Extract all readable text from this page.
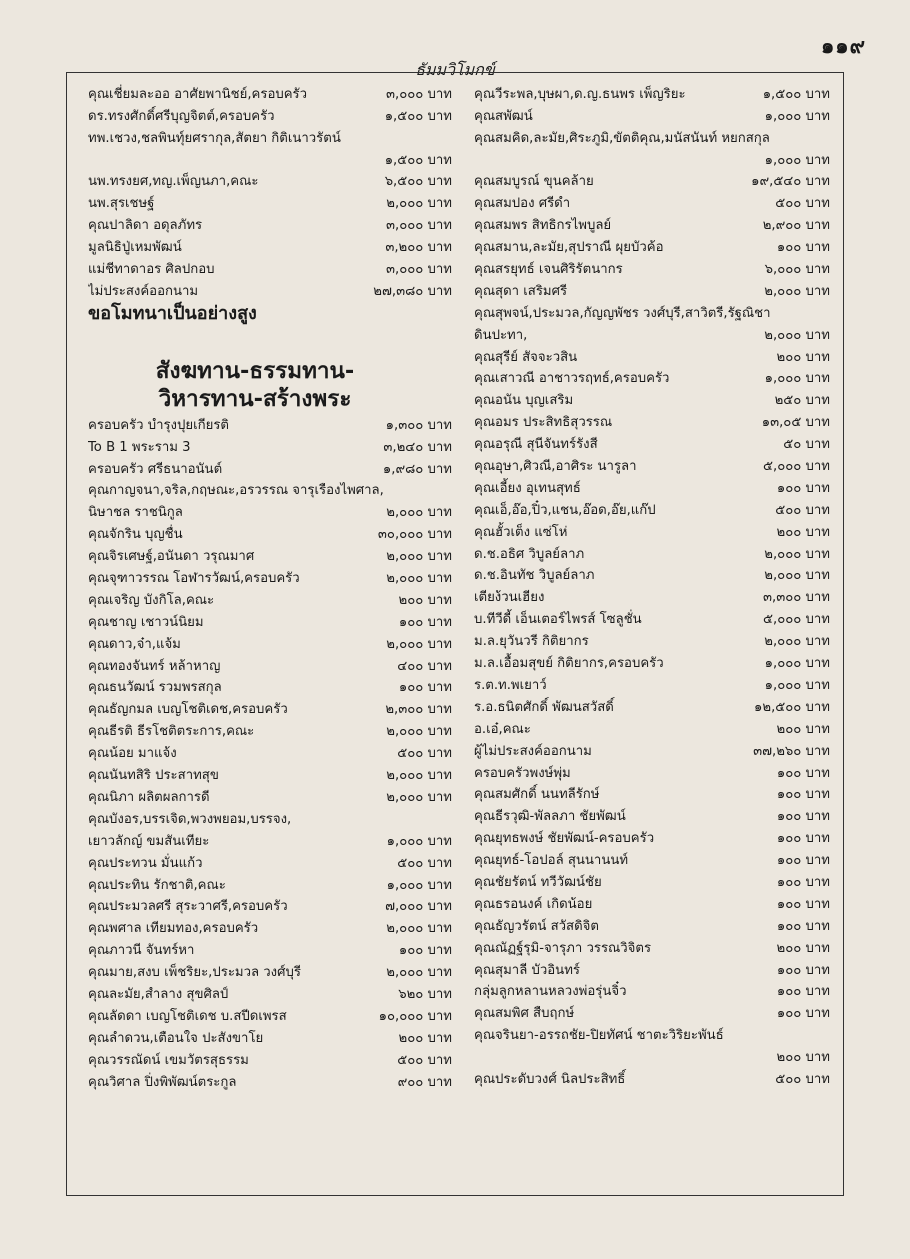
๑๑๙
ธัมมวิโมกข์
คุณเชี่ยมละออ อาศัยพานิชย์,ครอบครัว	๓,๐๐๐ บาท
ดร.ทรงศักดิ์ศรีบุญจิตต์,ครอบครัว	๑,๕๐๐ บาท
ทพ.เชวง,ชลพินทุ์ยศรากุล,สัตยา กิติเนาวรัตน์
๑,๕๐๐ บาท
นพ.ทรงยศ,ทญ.เพ็ญนภา,คณะ	๖,๕๐๐ บาท
นพ.สุรเชษฐ์	๒,๐๐๐ บาท
คุณปาลิดา อดุลภัทร	๓,๐๐๐ บาท
มูลนิธิปู่เหมพัฒน์	๓,๒๐๐ บาท
แม่ชีทาดาอร ศิลปกอบ	๓,๐๐๐ บาท
ไม่ประสงค์ออกนาม	๒๗,๓๘๐ บาท
ขอโมทนาเป็นอย่างสูง
สังฆทาน-ธรรมทาน-
วิหารทาน-สร้างพระ
ครอบครัว บำรุงปุยเกียรติ	๑,๓๐๐ บาท
To B 1 พระราม 3	๓,๒๔๐ บาท
ครอบครัว ศรีธนาอนันต์	๑,๙๘๐ บาท
คุณกาญจนา,จริล,กฤษณะ,อรวรรณ จารุเรืองไพศาล,
นิษาชล ราชนิกูล	๒,๐๐๐ บาท
คุณจักริน บุญชื่น	๓๐,๐๐๐ บาท
คุณจิรเศษฐ์,อนันดา วรุณมาศ	๒,๐๐๐ บาท
คุณจุฑาวรรณ โอฬารวัฒน์,ครอบครัว	๒,๐๐๐ บาท
คุณเจริญ บังกิโล,คณะ	๒๐๐ บาท
คุณชาญ เชาวน์นิยม	๑๐๐ บาท
คุณดาว,จ๋า,แจ้ม	๒,๐๐๐ บาท
คุณทองจันทร์ หล้าหาญ	๔๐๐ บาท
คุณธนวัฒน์ รวมพรสกุล	๑๐๐ บาท
คุณธัญกมล เบญโชติเดช,ครอบครัว	๒,๓๐๐ บาท
คุณธีรติ ธีรโชติตระการ,คณะ	๒,๐๐๐ บาท
คุณน้อย มาแจ้ง	๕๐๐ บาท
คุณนันทสิริ ประสาทสุข	๒,๐๐๐ บาท
คุณนิภา ผลิตผลการดี	๒,๐๐๐ บาท
คุณบังอร,บรรเจิด,พวงพยอม,บรรจง,
เยาวลักญ์ ขมสันเทียะ	๑,๐๐๐ บาท
คุณประทวน มั่นแก้ว	๕๐๐ บาท
คุณประทิน รักชาติ,คณะ	๑,๐๐๐ บาท
คุณประมวลศรี สุระวาศรี,ครอบครัว	๗,๐๐๐ บาท
คุณพศาล เทียมทอง,ครอบครัว	๒,๐๐๐ บาท
คุณภาวนี จันทร์หา	๑๐๐ บาท
คุณมาย,สงบ เพ็ชริยะ,ประมวล วงศ์บุรี	๒,๐๐๐ บาท
คุณละมัย,สำลาง สุขศิลป์	๖๒๐ บาท
คุณลัดดา เบญโชติเดช บ.สปีดเพรส	๑๐,๐๐๐ บาท
คุณลำดวน,เตือนใจ ปะสังขาโย	๒๐๐ บาท
คุณวรรณัดน์ เขมวัตรสุธรรม	๕๐๐ บาท
คุณวิศาล ปิ่งพิพัฒน์ตระกูล	๙๐๐ บาท
คุณวีระพล,บุษผา,ด.ญ.ธนพร เพ็ญริยะ	๑,๕๐๐ บาท
คุณสพัฒน์	๑,๐๐๐ บาท
คุณสมคิด,ละมัย,ศิระภูมิ,ขัตติคุณ,มนัสนันท์ หยกสกุล
๑,๐๐๐ บาท
คุณสมบูรณ์ ขุนคล้าย	๑๙,๕๔๐ บาท
คุณสมปอง ศรีดำ	๕๐๐ บาท
คุณสมพร สิทธิกรไพบูลย์	๒,๙๐๐ บาท
คุณสมาน,ละมัย,สุปราณี ผุยบัวค้อ	๑๐๐ บาท
คุณสรยุทธ์ เจนศิริรัตนากร	๖,๐๐๐ บาท
คุณสุดา เสริมศรี	๒,๐๐๐ บาท
คุณสุพจน์,ประมวล,กัญญพัชร วงศ์บุรี,สาวิตรี,รัฐณิชา
ดินปะทา,	๒,๐๐๐ บาท
คุณสุรีย์ สัจจะวสิน	๒๐๐ บาท
คุณเสาวณี อาชาวรฤทธ์,ครอบครัว	๑,๐๐๐ บาท
คุณอนัน บุญเสริม	๒๕๐ บาท
คุณอมร ประสิทธิสุวรรณ	๑๓,๐๕ บาท
คุณอรุณี สุนีจันทร์รังสี	๕๐ บาท
คุณอุษา,ศิวณี,อาศิระ นารูลา	๕,๐๐๐ บาท
คุณเอี้ยง อุเทนสุทธ์	๑๐๐ บาท
คุณเอ็,อ๊อ,ปิ๋ว,แชน,อ๊อด,อ๊ย,แก๊ป	๕๐๐ บาท
คุณฮั้วเต็ง แซ่โห่	๒๐๐ บาท
ด.ช.อธิศ วิบูลย์ลาภ	๒,๐๐๐ บาท
ด.ช.อินทัช วิบูลย์ลาภ	๒,๐๐๐ บาท
เตียง้วนเฮียง	๓,๓๐๐ บาท
บ.ทีวีดี้ เอ็นเตอร์ไพรส์ โซลูชั่น	๕,๐๐๐ บาท
ม.ล.ยุวันวรี กิติยากร	๒,๐๐๐ บาท
ม.ล.เอื้อมสุขย์ กิติยากร,ครอบครัว	๑,๐๐๐ บาท
ร.ต.ท.พเยาว์	๑,๐๐๐ บาท
ร.อ.ธนิตศักดิ์ พัฒนสวัสดิ์	๑๒,๕๐๐ บาท
อ.เอ๋,คณะ	๒๐๐ บาท
ผู้ไม่ประสงค์ออกนาม	๓๗,๒๖๐ บาท
ครอบครัวพงษ์พุ่ม	๑๐๐ บาท
คุณสมศักดิ์ นนทลีรักษ์	๑๐๐ บาท
คุณธีรวุฒิ-พัลลภา ชัยพัฒน์	๑๐๐ บาท
คุณยุทธพงษ์ ชัยพัฒน์-ครอบครัว	๑๐๐ บาท
คุณยุทธ์-โอปอล์ สุนนานนท์	๑๐๐ บาท
คุณชัยรัตน์ ทวีวัฒน์ชัย	๑๐๐ บาท
คุณธรอนงค์ เกิดน้อย	๑๐๐ บาท
คุณธัญวรัตน์ สวัสดิจิต	๑๐๐ บาท
คุณณัฏฐ์รุมิ-จารุภา วรรณวิจิตร	๒๐๐ บาท
คุณสุมาลี บัวอินทร์	๑๐๐ บาท
กลุ่มลูกหลานหลวงพ่อรุ่นจิ๋ว	๑๐๐ บาท
คุณสมพิศ สืบฤกษ์	๑๐๐ บาท
คุณจรินยา-อรรถชัย-ปิยทัศน์ ชาตะวิริยะพันธ์
๒๐๐ บาท
คุณประดับวงศ์ นิลประสิทธิ์	๕๐๐ บาท
